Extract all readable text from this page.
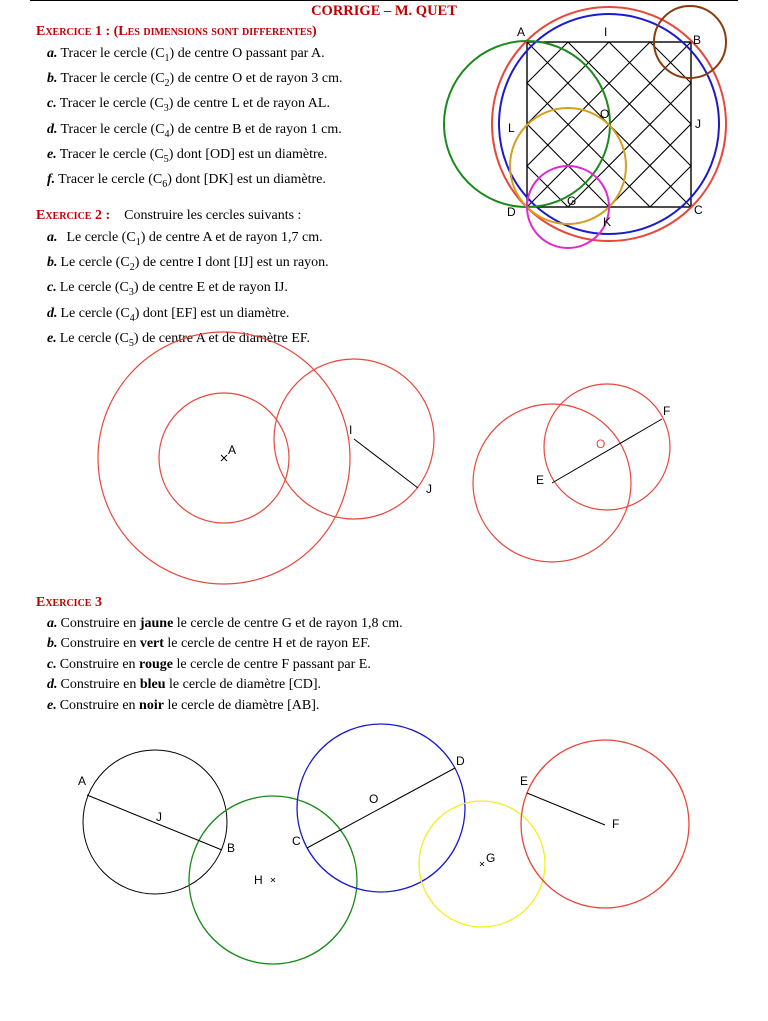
CORRIGE – M. QUET
Exercice 1 : (Les dimensions sont differentes)
a. Tracer le cercle $(C_1)$ de centre O passant par A.
b. Tracer le cercle $(C_2)$ de centre O et de rayon 3 cm.
c. Tracer le cercle $(C_3)$ de centre L et de rayon AL.
d. Tracer le cercle $(C_4)$ de centre B et de rayon 1 cm.
e. Tracer le cercle $(C_5)$ dont [OD] est un diamètre.
f. Tracer le cercle $(C_6)$ dont [DK] est un diamètre.
Exercice 2 : Construire les cercles suivants :
a. Le cercle $(C_1)$ de centre A et de rayon 1,7 cm.
b. Le cercle $(C_2)$ de centre I dont [IJ] est un rayon.
c. Le cercle $(C_3)$ de centre E et de rayon IJ.
d. Le cercle $(C_4)$ dont [EF] est un diamètre.
e. Le cercle $(C_5)$ de centre A et de diamètre EF.
Exercice 3
a. Construire en jaune le cercle de centre G et de rayon 1,8 cm.
b. Construire en vert le cercle de centre H et de rayon EF.
c. Construire en rouge le cercle de centre F passant par E.
d. Construire en bleu le cercle de diamètre [CD].
e. Construire en noir le cercle de diamètre [AB].
A	I
B
O
L	J
G
D
K
C
A
I
J
E
F
O
A
J
B
H
C
O
D
G
E
F
